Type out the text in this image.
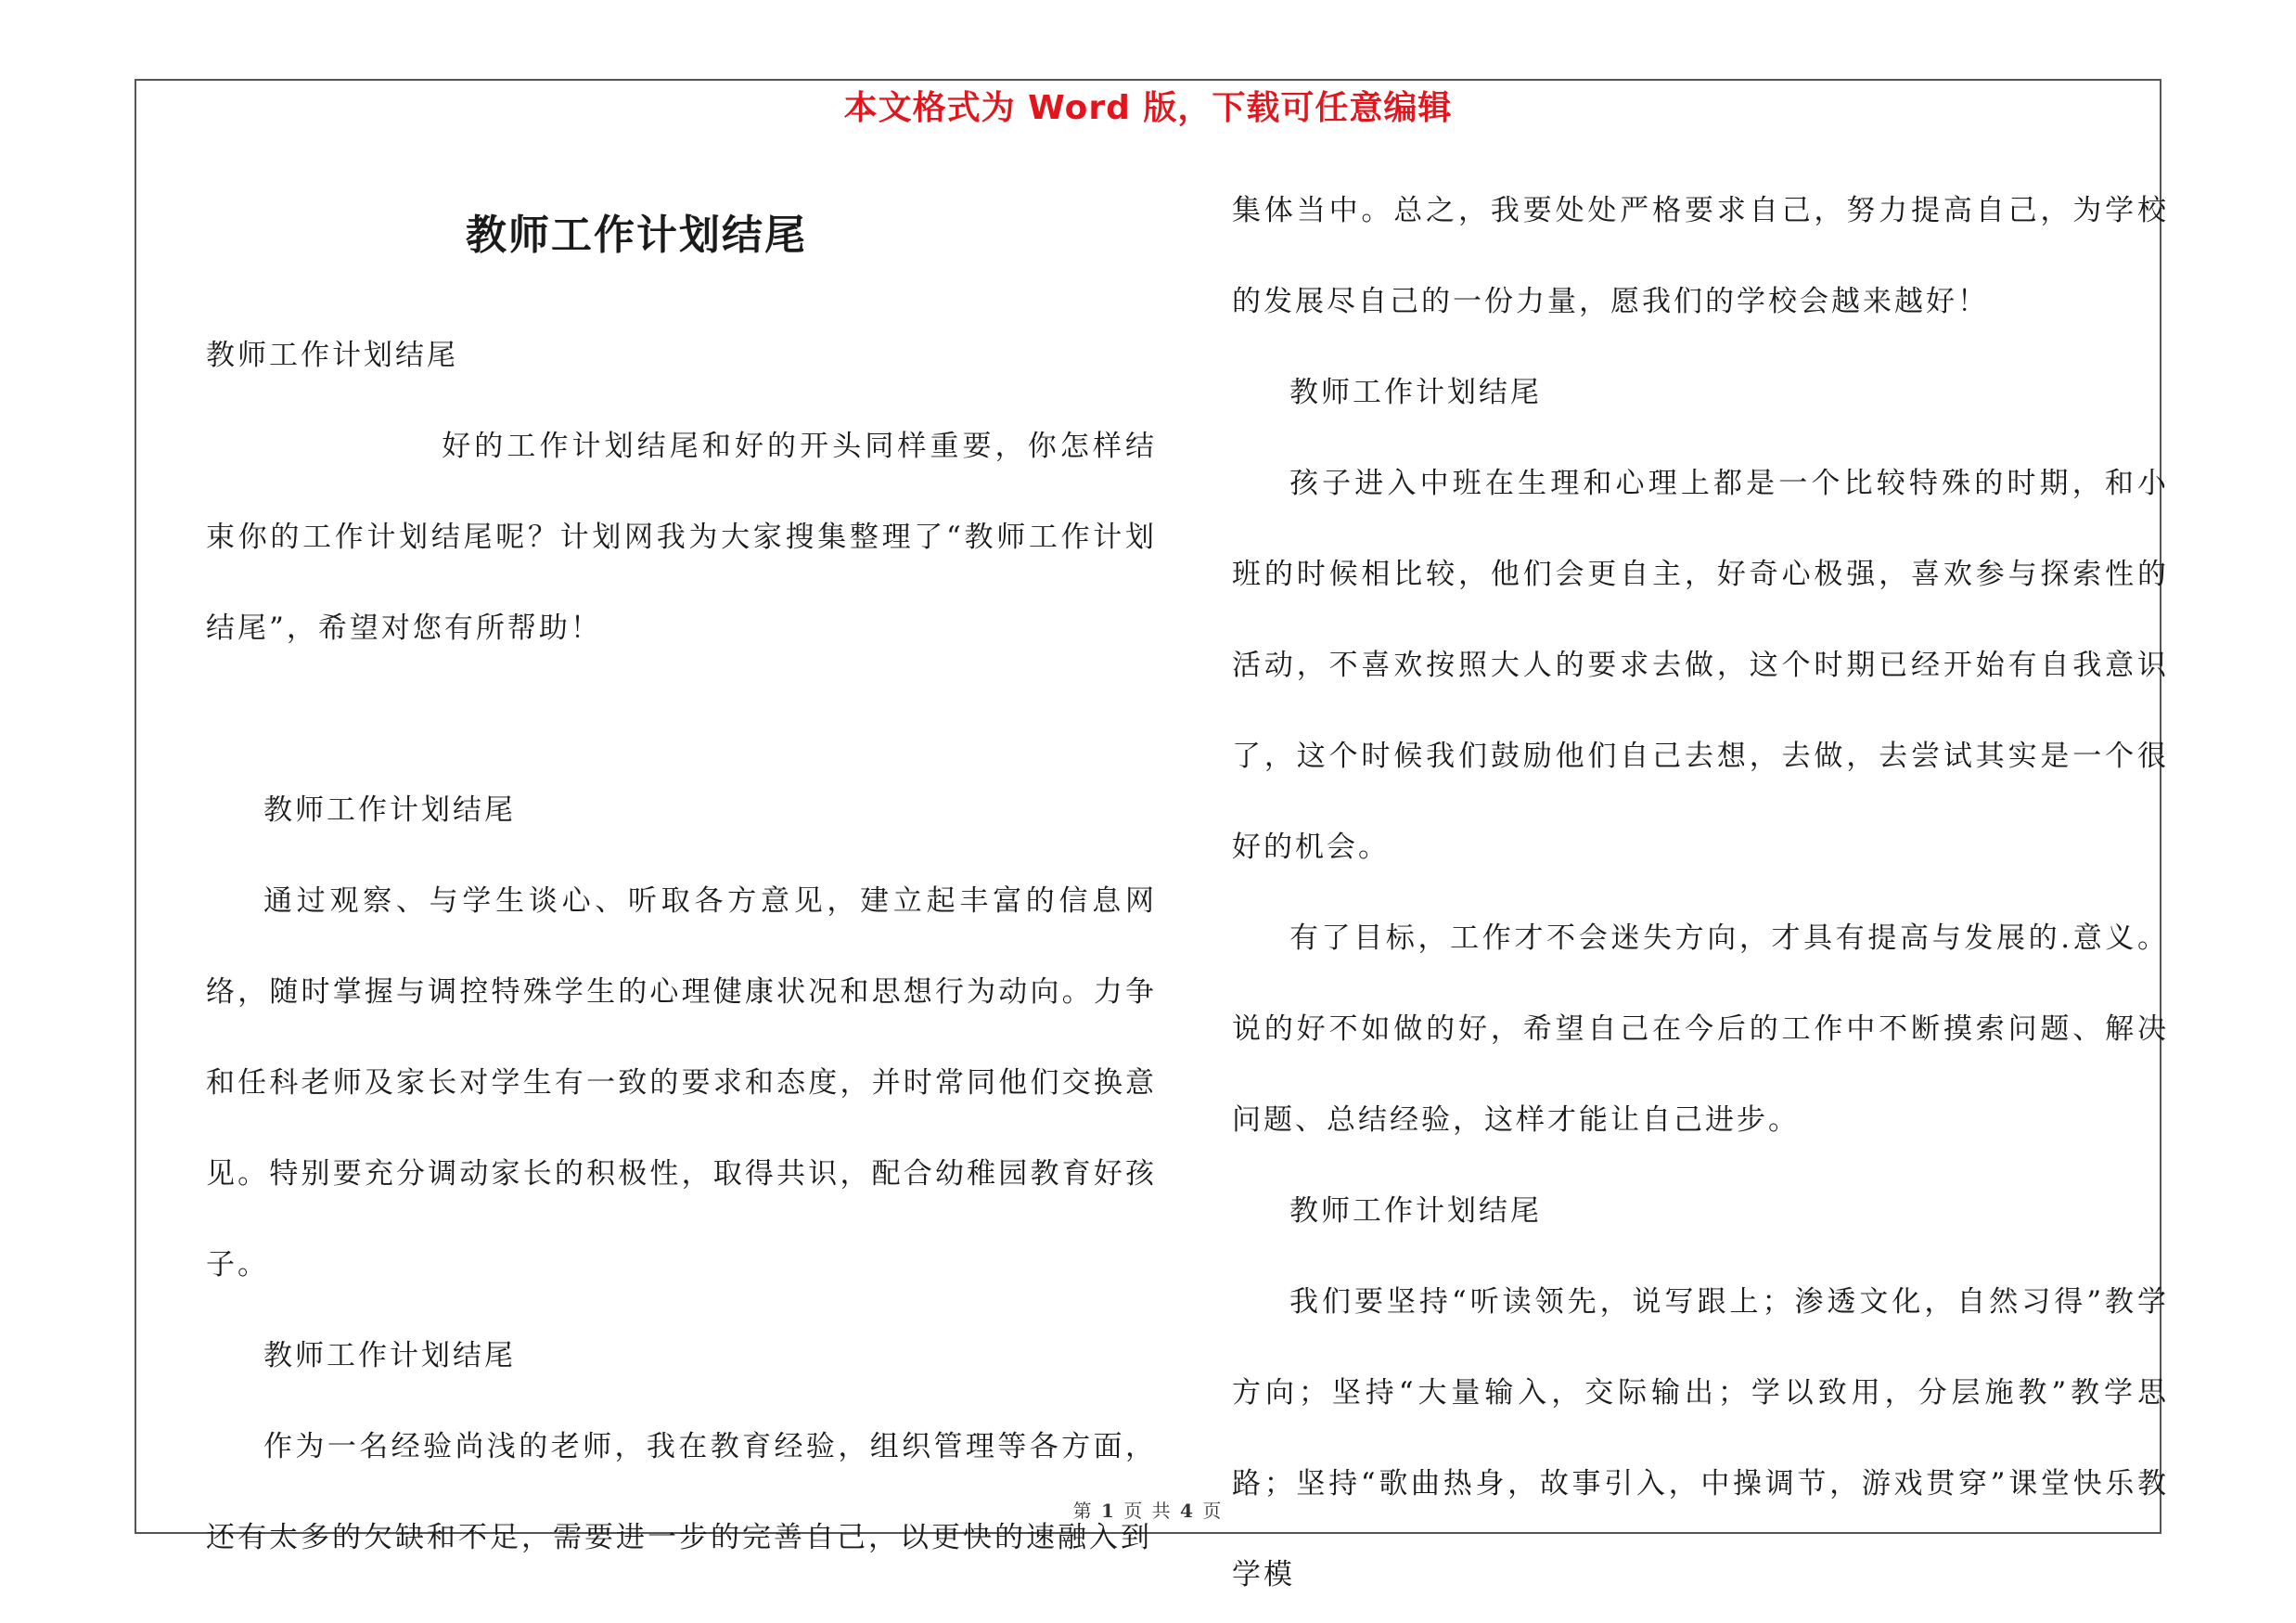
本文格式为 Word 版，下载可任意编辑
教师工作计划结尾

教师工作计划结尾

好的工作计划结尾和好的开头同样重要，你怎样结束你的工作计划结尾呢？计划网我为大家搜集整理了“教师工作计划结尾”，希望对您有所帮助！

教师工作计划结尾

通过观察、与学生谈心、听取各方意见，建立起丰富的信息网络，随时掌握与调控特殊学生的心理健康状况和思想行为动向。力争和任科老师及家长对学生有一致的要求和态度，并时常同他们交换意见。特别要充分调动家长的积极性，取得共识，配合幼稚园教育好孩子。

教师工作计划结尾

作为一名经验尚浅的老师，我在教育经验，组织管理等各方面，还有太多的欠缺和不足，需要进一步的完善自己，以更快的速融入到

集体当中。总之，我要处处严格要求自己，努力提高自己，为学校的发展尽自己的一份力量，愿我们的学校会越来越好！

教师工作计划结尾

孩子进入中班在生理和心理上都是一个比较特殊的时期，和小班的时候相比较，他们会更自主，好奇心极强，喜欢参与探索性的活动，不喜欢按照大人的要求去做，这个时期已经开始有自我意识了，这个时候我们鼓励他们自己去想，去做，去尝试其实是一个很好的机会。

有了目标，工作才不会迷失方向，才具有提高与发展的.意义。说的好不如做的好，希望自己在今后的工作中不断摸索问题、解决问题、总结经验，这样才能让自己进步。

教师工作计划结尾

我们要坚持“听读领先，说写跟上；渗透文化，自然习得”教学方向；坚持“大量输入，交际输出；学以致用，分层施教”教学思路；坚持“歌曲热身，故事引入，中操调节，游戏贯穿”课堂快乐教学模

第 1 页 共 4 页
